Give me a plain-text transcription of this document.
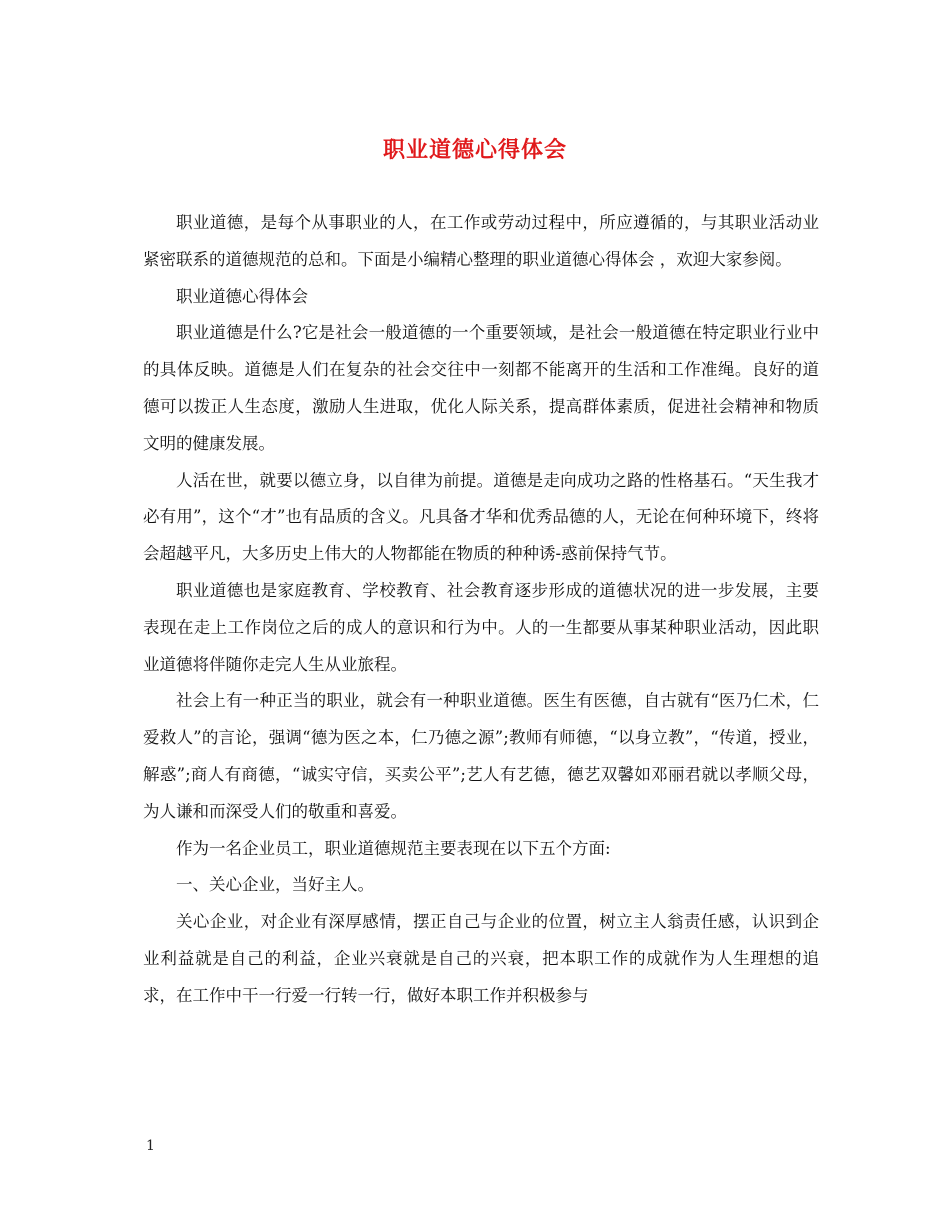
职业道德心得体会

职业道德，是每个从事职业的人，在工作或劳动过程中，所应遵循的，与其职业活动业紧密联系的道德规范的总和。下面是小编精心整理的职业道德心得体会 ，欢迎大家参阅。

职业道德心得体会

职业道德是什么?它是社会一般道德的一个重要领域，是社会一般道德在特定职业行业中的具体反映。道德是人们在复杂的社会交往中一刻都不能离开的生活和工作准绳。良好的道德可以拨正人生态度，激励人生进取，优化人际关系，提高群体素质，促进社会精神和物质文明的健康发展。

人活在世，就要以德立身，以自律为前提。道德是走向成功之路的性格基石。“天生我才必有用”，这个“才”也有品质的含义。凡具备才华和优秀品德的人，无论在何种环境下，终将会超越平凡，大多历史上伟大的人物都能在物质的种种诱-惑前保持气节。

职业道德也是家庭教育、学校教育、社会教育逐步形成的道德状况的进一步发展，主要表现在走上工作岗位之后的成人的意识和行为中。人的一生都要从事某种职业活动，因此职业道德将伴随你走完人生从业旅程。

社会上有一种正当的职业，就会有一种职业道德。医生有医德，自古就有“医乃仁术，仁爱救人”的言论，强调“德为医之本，仁乃德之源”;教师有师德，“以身立教”，“传道，授业，解惑”;商人有商德，“诚实守信，买卖公平”;艺人有艺德，德艺双馨如邓丽君就以孝顺父母，为人谦和而深受人们的敬重和喜爱。

作为一名企业员工，职业道德规范主要表现在以下五个方面:

一、关心企业，当好主人。

关心企业，对企业有深厚感情，摆正自己与企业的位置，树立主人翁责任感，认识到企业利益就是自己的利益，企业兴衰就是自己的兴衰，把本职工作的成就作为人生理想的追求，在工作中干一行爱一行转一行，做好本职工作并积极参与

1
